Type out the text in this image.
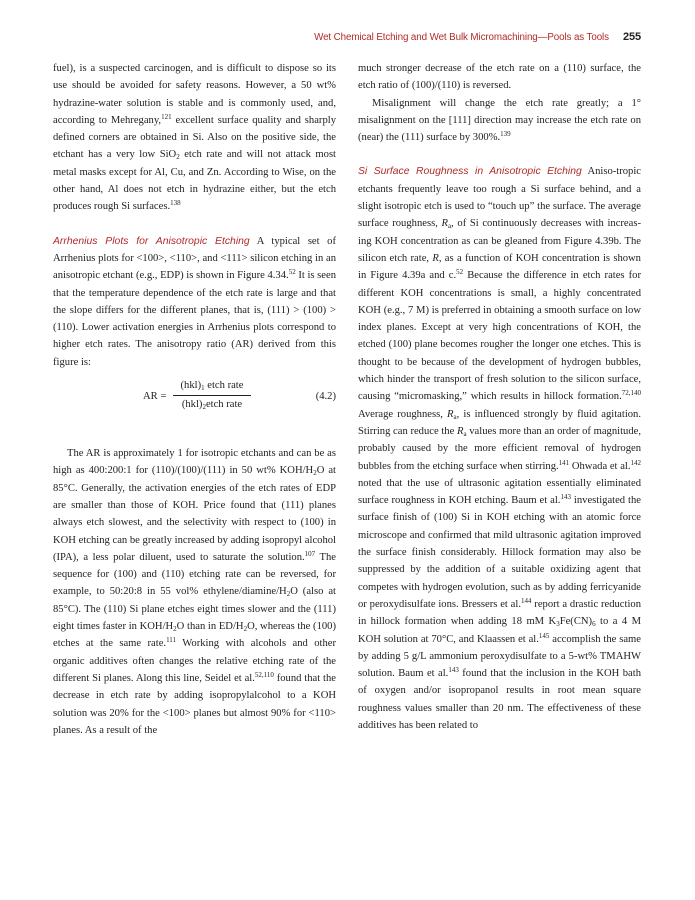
Wet Chemical Etching and Wet Bulk Micromachining—Pools as Tools 255

fuel), is a suspected carcinogen, and is difficult to dispose so its use should be avoided for safety reasons. However, a 50 wt% hydrazine-water solution is stable and is commonly used, and, according to Mehregany,$^{121}$ excellent surface quality and sharply defined corners are obtained in Si. Also on the positive side, the etchant has a very low SiO$_2$ etch rate and will not attack most metal masks except for Al, Cu, and Zn. According to Wise, on the other hand, Al does not etch in hydrazine either, but the etch produces rough Si surfaces.$^{138}$

Arrhenius Plots for Anisotropic Etching A typical set of Arrhenius plots for <100>, <110>, and <111> silicon etching in an anisotropic etchant (e.g., EDP) is shown in Figure 4.34.52 It is seen that the temperature dependence of the etch rate is large and that the slope differs for the different planes, that is, (111) > (100) > (110). Lower activation energies in Arrhenius plots correspond to higher etch rates. The anisotropy ratio (AR) derived from this figure is:

AR =
$(hkl)_1$ etch rate
$(hkl)_2etch$ rate
(4.2)

The AR is approximately 1 for isotropic etchants and can be as high as 400:200:1 for (110)/(100)/(111) in 50 wt% KOH/$H_2O$ at 85°C. Generally, the activation energies of the etch rates of EDP are smaller than those of KOH. Price found that (111) planes always etch slowest, and the selectivity with respect to (100) in KOH etching can be greatly increased by adding isopropyl alcohol (IPA), a less polar diluent, used to saturate the solution.$^{107}$ The sequence for (100) and (110) etching rate can be reversed, for example, to 50:20:8 in 55 vol% ethylene/$diamine/H_2O$ (also at 85°C). The (110) Si plane etches eight times slower and the (111) eight times faster in KOH/$H_2O$ than in $ED/H_2O$, whereas the (100) etches at the same rate.$^{111}$ Working with alcohols and other organic additives often changes the relative etching rate of the different Si planes. Along this line, Seidel et al.$^{52,110}$ found that the decrease in etch rate by adding isopropylalcohol to a KOH solution was 20% for the <100> planes but almost 90% for <110> planes. As a result of the

much stronger decrease of the etch rate on a (110) surface, the etch ratio of (100)/(110) is reversed.

Misalignment will change the etch rate greatly; a 1° misalignment on the [111] direction may increase the etch rate on (near) the (111) surface by 300%.$^{139}$

Si Surface Roughness in Anisotropic Etching Aniso-tropic etchants frequently leave too rough a Si surface behind, and a slight isotropic etch is used to “touch up” the surface. The average surface roughness, $R_a$, of Si continuously decreases with increasing KOH concentration as can be gleaned from Figure 4.39b. The silicon etch rate, R, as a function of KOH concentration is shown in Figure 4.39a and c.$^{52}$ Because the difference in etch rates for different KOH concentrations is small, a highly concentrated KOH (e.g., 7 M) is preferred in obtaining a smooth surface on low index planes. Except at very high concentrations of KOH, the etched (100) plane becomes rougher the longer one etches. This is thought to be because of the development of hydrogen bubbles, which hinder the transport of fresh solution to the silicon surface, causing “micromasking,” which results in hillock formation.$^{72,140}$ Average roughness, $R_a$, is influenced strongly by fluid agitation. Stirring can reduce the $R_a$ values more than an order of magnitude, probably caused by the more efficient removal of hydrogen bubbles from the etching surface when stirring.$^{141}$ Ohwada et al.$^{142}$ noted that the use of ultrasonic agitation essentially eliminated surface roughness in KOH etching. Baum et al.$^{143}$ investigated the surface finish of (100) Si in KOH etching with an atomic force microscope and confirmed that mild ultrasonic agitation improved the surface finish considerably. Hillock formation may also be suppressed by the addition of a suitable oxidizing agent that competes with hydrogen evolution, such as by adding ferricyanide or peroxydisulfate ions. Bressers et al.$^{144}$ report a drastic reduction in hillock formation when adding 18 mM $K_3Fe(CN)_6$ to a 4 M KOH solution at 70°C, and Klaassen et al.$^{145}$ accomplish the same by adding 5 g/L ammonium peroxydisulfate to a 5-wt% TMAHW solution. Baum et al.$^{143}$ found that the inclusion in the KOH bath of oxygen and/or isopropanol results in root mean square roughness values smaller than 20 nm. The effectiveness of these additives has been related to
